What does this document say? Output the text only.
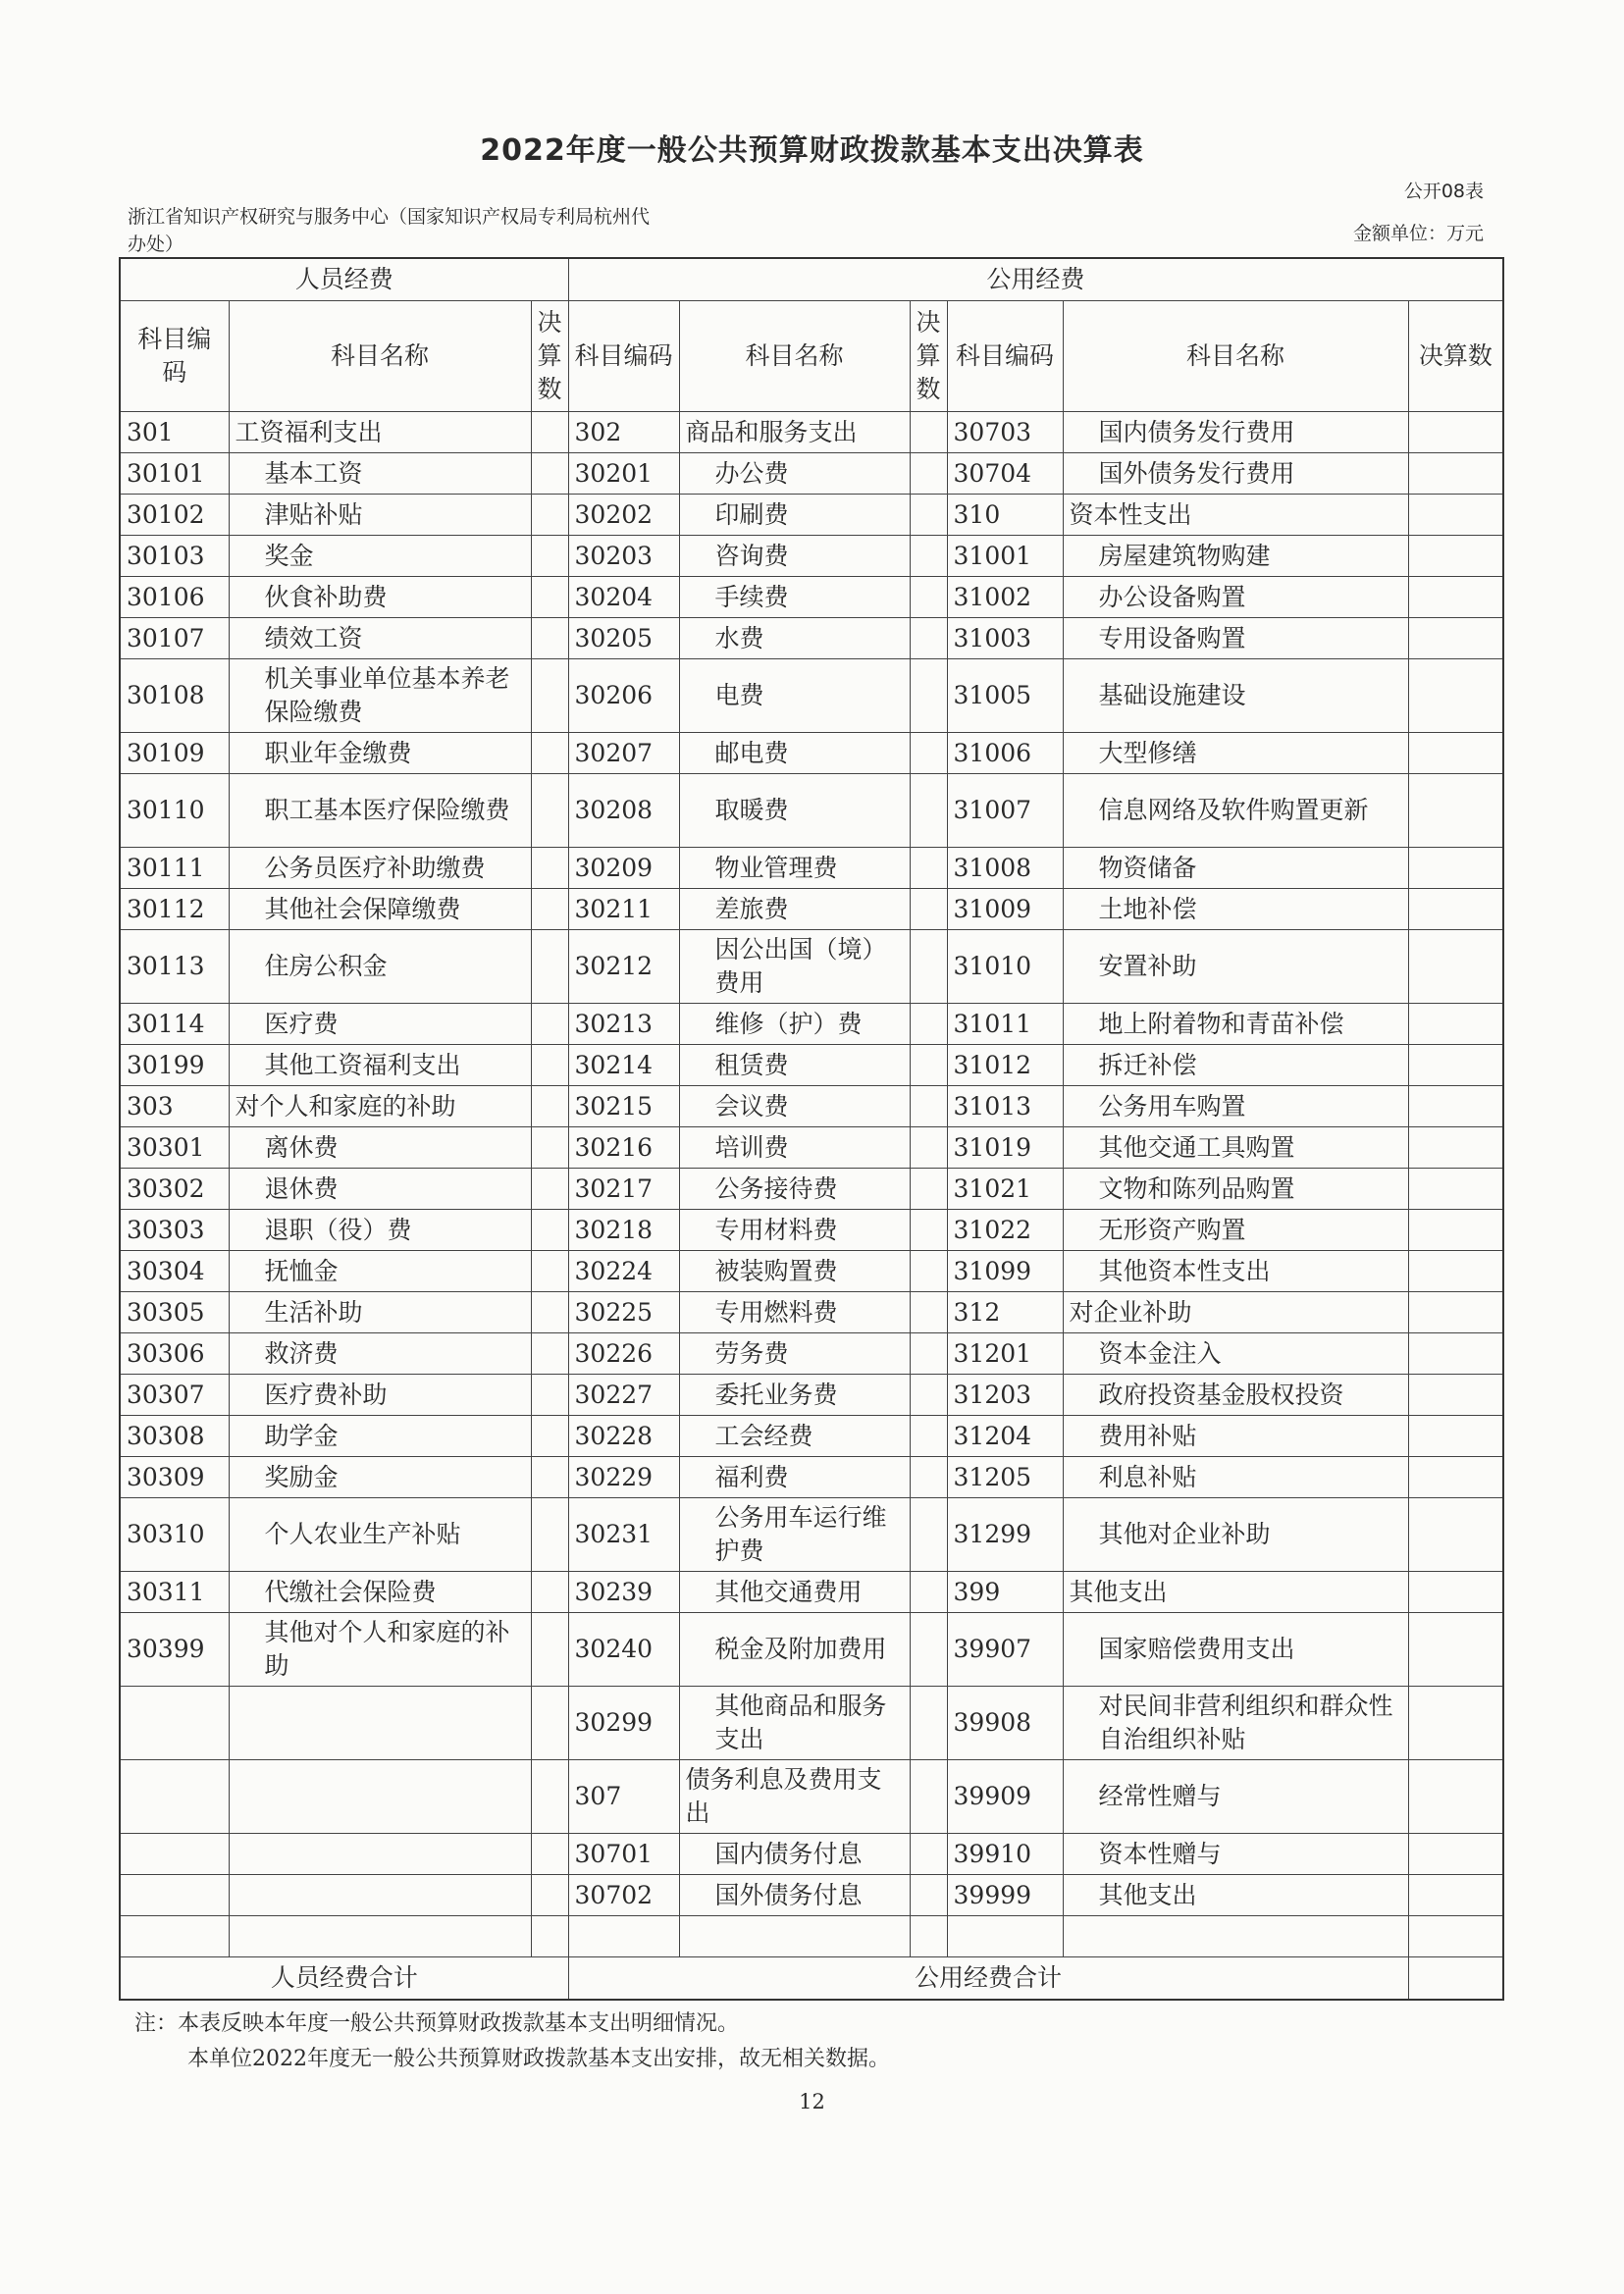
2022年度一般公共预算财政拨款基本支出决算表
公开08表
浙江省知识产权研究与服务中心（国家知识产权局专利局杭州代办处）	金额单位：万元
人员经费			公用经费					
科目编码	科目名称	决算数	科目编码	科目名称	决算数	科目编码	科目名称	决算数
301	工资福利支出		302	商品和服务支出		30703	国内债务发行费用	
30101	基本工资		30201	办公费		30704	国外债务发行费用	
30102	津贴补贴		30202	印刷费		310	资本性支出	
30103	奖金		30203	咨询费		31001	房屋建筑物购建	
30106	伙食补助费		30204	手续费		31002	办公设备购置	
30107	绩效工资		30205	水费		31003	专用设备购置	
30108	机关事业单位基本养老保险缴费		30206	电费		31005	基础设施建设	
30109	职业年金缴费		30207	邮电费		31006	大型修缮	
30110	职工基本医疗保险缴费		30208	取暖费		31007	信息网络及软件购置更新	
30111	公务员医疗补助缴费		30209	物业管理费		31008	物资储备	
30112	其他社会保障缴费		30211	差旅费		31009	土地补偿	
30113	住房公积金		30212	因公出国（境）费用		31010	安置补助	
30114	医疗费		30213	维修（护）费		31011	地上附着物和青苗补偿	
30199	其他工资福利支出		30214	租赁费		31012	拆迁补偿	
303	对个人和家庭的补助		30215	会议费		31013	公务用车购置	
30301	离休费		30216	培训费		31019	其他交通工具购置	
30302	退休费		30217	公务接待费		31021	文物和陈列品购置	
30303	退职（役）费		30218	专用材料费		31022	无形资产购置	
30304	抚恤金		30224	被装购置费		31099	其他资本性支出	
30305	生活补助		30225	专用燃料费		312	对企业补助	
30306	救济费		30226	劳务费		31201	资本金注入	
30307	医疗费补助		30227	委托业务费		31203	政府投资基金股权投资	
30308	助学金		30228	工会经费		31204	费用补贴	
30309	奖励金		30229	福利费		31205	利息补贴	
30310	个人农业生产补贴		30231	公务用车运行维护费		31299	其他对企业补助	
30311	代缴社会保险费		30239	其他交通费用		399	其他支出	
30399	其他对个人和家庭的补助		30240	税金及附加费用		39907	国家赔偿费用支出	
			30299	其他商品和服务支出		39908	对民间非营利组织和群众性自治组织补贴	
			307	债务利息及费用支出		39909	经常性赠与	
			30701	国内债务付息		39910	资本性赠与	
			30702	国外债务付息		39999	其他支出	

人员经费合计			公用经费合计					
注：本表反映本年度一般公共预算财政拨款基本支出明细情况。
本单位2022年度无一般公共预算财政拨款基本支出安排，故无相关数据。
12
